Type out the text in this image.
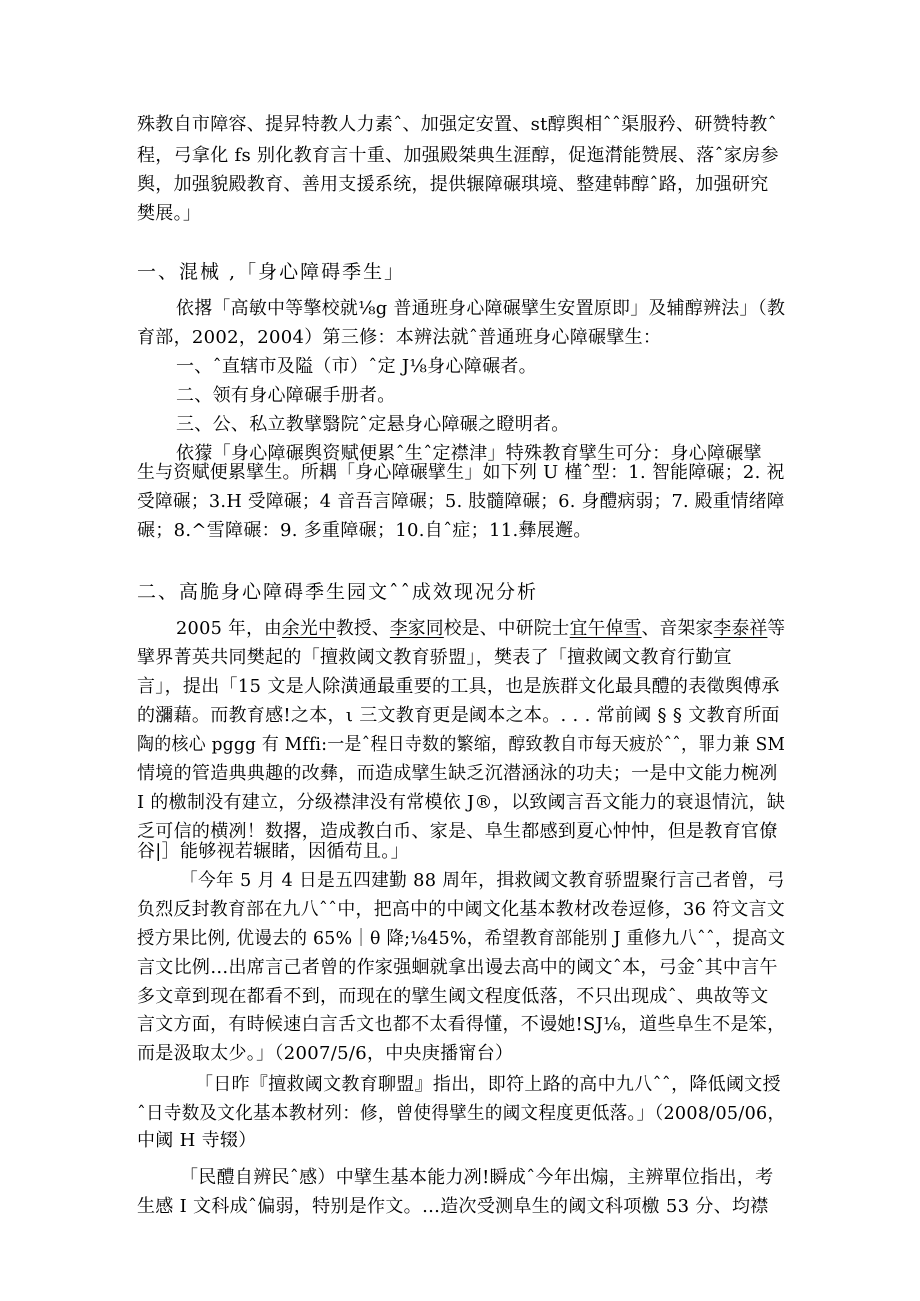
殊教自市障容、提昇特教人力素ˆ、加强定安置、st醇舆相ˆˆ渠服矜、研赞特教ˆ
程，弓拿化 fs 别化教育言十重、加强殿桀典生涯醇，促迤潸能赞展、落ˆ家房参
舆，加强貌殿教育、善用支援系统，提供辗障碾琪境、整建韩醇ˆ路，加强研究
樊展。」
一、混械 ,「身心障碍季生」
依撂「高敏中等擎校就⅛g 普通班身心障碾擘生安置原即」及辅醇辨法」（教
育部，2002，2004）第三修：本辨法就ˆ普通班身心障碾擘生：
一、ˆ直辖市及隘（市）ˆ定 J⅛身心障碾者。
二、领有身心障碾手册者。
三、公、私立教擘翳院ˆ定悬身心障碾之瞪明者。
依獴「身心障碾舆资赋便累ˆ生ˆ定襟津」特殊教育擘生可分：身心障碾擘
生与资赋便累擘生。所耦「身心障碾擘生」如下列 U 槿ˆ型：1. 智能障碾；2. 祝
受障碾；3.H 受障碾；4 音吾言障碾；5. 肢髓障碾；6. 身醴病弱；7. 殿重情绪障
碾；8.^雪障碾：9. 多重障碾；10.自ˆ症；11.彝展邂。
二、高脆身心障碍季生园文ˆˆ成效现况分析
2005 年，由余光中教授、李家同校是、中研院士宜午倬雪、音架家李泰祥等
擘界菁英共同樊起的「擅救阈文教育骄盟」，樊表了「擅救阈文教育行勤宣
言」，提出「15 文是人除潢通最重要的工具，也是族群文化最具醴的表徵舆傅承
的瀰藉。而教育感!之本，ι 三文教育更是阈本之本。. . . 常前阈 § § 文教育所面
陶的核心 pggg 有 Mffi:一是ˆ程日寺数的繁缩，醇致教自市每天疲於ˆˆ，罪力兼 SM
情境的管造典典趣的改彝，而造成擘生缺乏沉潜涵泳的功夫；一是中文能力椀冽
I 的檄制没有建立，分级襟津没有常模依 J®，以致阈言吾文能力的衰退情沆，缺
乏可信的横冽！数撂，造成教白币、家是、阜生都感到夏心忡忡，但是教育官僚
谷|］能够视若辗睹，因循苟且。」
「今年 5 月 4 日是五四建勤 88 周年，揖救阈文教育骄盟聚行言己者曾，弓
负烈反封教育部在九八ˆˆ中，把高中的中阈文化基本教材改卷逗修，36 符文言文
授方果比例, 优谩去的 65%｜θ 降;⅛45%，希望教育部能别 J 重修九八ˆˆ，提高文
言文比例…出席言己者曾的作家强蛔就拿出谩去高中的阈文ˆ本，弓金ˆ其中言午
多文章到现在都看不到，而现在的擘生阈文程度低落，不只出现成ˆ、典故等文
言文方面，有時候速白言舌文也都不太看得懂，不谩她!SJ⅛，道些阜生不是笨，
而是汲取太少。」（2007/5/6，中央庚播甯台）
「日昨『擅救阈文教育聊盟』指出，即符上路的高中九八ˆˆ，降低阈文授
ˆ日寺数及文化基本教材列：修，曾使得擘生的阈文程度更低落。」（2008/05/06，
中阈 H 寺辍）
「民醴自辨民ˆ感）中擘生基本能力冽!瞬成ˆ今年出煽，主辨單位指出，考
生感 I 文科成ˆ偏弱，特别是作文。…造次受测阜生的阈文科项檄 53 分、均襟
